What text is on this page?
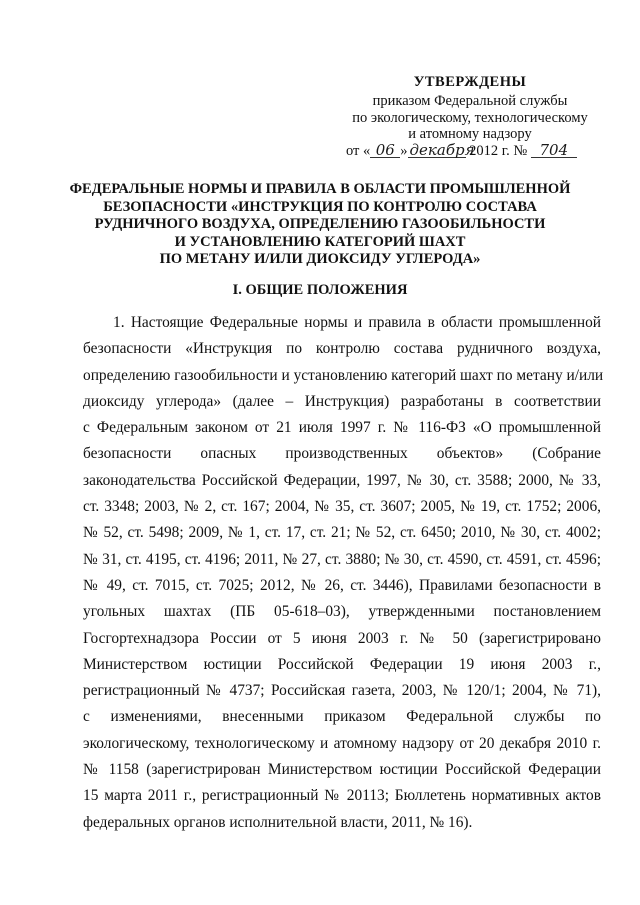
УТВЕРЖДЕНЫ
приказом Федеральной службы
по экологическому, технологическому
и атомному надзору
от « 06 » декабря 2012 г. № 704
ФЕДЕРАЛЬНЫЕ НОРМЫ И ПРАВИЛА В ОБЛАСТИ ПРОМЫШЛЕННОЙ
БЕЗОПАСНОСТИ «ИНСТРУКЦИЯ ПО КОНТРОЛЮ СОСТАВА
РУДНИЧНОГО ВОЗДУХА, ОПРЕДЕЛЕНИЮ ГАЗООБИЛЬНОСТИ
И УСТАНОВЛЕНИЮ КАТЕГОРИЙ ШАХТ
ПО МЕТАНУ И/ИЛИ ДИОКСИДУ УГЛЕРОДА»
I. ОБЩИЕ ПОЛОЖЕНИЯ
1. Настоящие Федеральные нормы и правила в области промышленной
безопасности «Инструкция по контролю состава рудничного воздуха,
определению газообильности и установлению категорий шахт по метану и/или
диоксиду углерода» (далее – Инструкция) разработаны в соответствии
с Федеральным законом от 21 июля 1997 г. № 116-ФЗ «О промышленной
безопасности опасных производственных объектов» (Собрание
законодательства Российской Федерации, 1997, № 30, ст. 3588; 2000, № 33,
ст. 3348; 2003, № 2, ст. 167; 2004, № 35, ст. 3607; 2005, № 19, ст. 1752; 2006,
№ 52, ст. 5498; 2009, № 1, ст. 17, ст. 21; № 52, ст. 6450; 2010, № 30, ст. 4002;
№ 31, ст. 4195, ст. 4196; 2011, № 27, ст. 3880; № 30, ст. 4590, ст. 4591, ст. 4596;
№ 49, ст. 7015, ст. 7025; 2012, № 26, ст. 3446), Правилами безопасности в
угольных шахтах (ПБ 05-618–03), утвержденными постановлением
Госгортехнадзора России от 5 июня 2003 г. № 50 (зарегистрировано
Министерством юстиции Российской Федерации 19 июня 2003 г.,
регистрационный № 4737; Российская газета, 2003, № 120/1; 2004, № 71),
с изменениями, внесенными приказом Федеральной службы по
экологическому, технологическому и атомному надзору от 20 декабря 2010 г.
№ 1158 (зарегистрирован Министерством юстиции Российской Федерации
15 марта 2011 г., регистрационный № 20113; Бюллетень нормативных актов
федеральных органов исполнительной власти, 2011, № 16).
